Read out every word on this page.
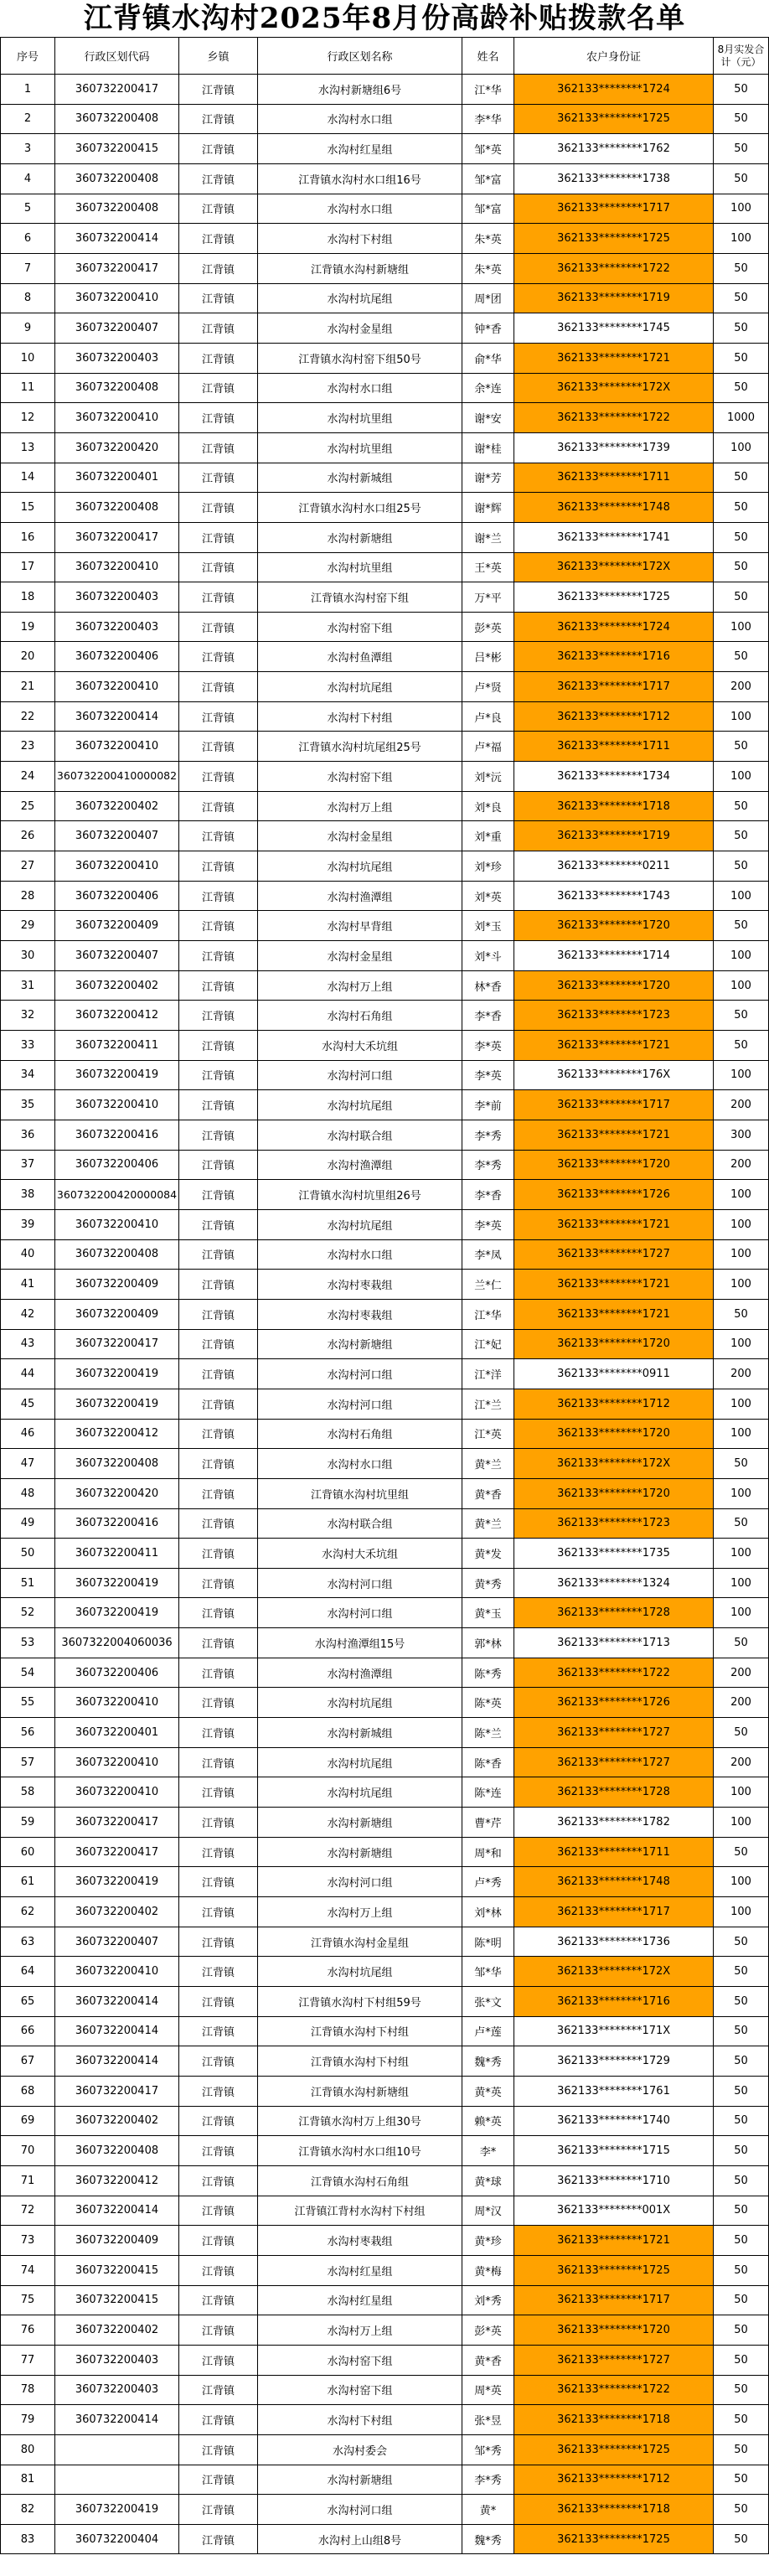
江背镇水沟村2025年8月份高龄补贴拨款名单
序号	行政区划代码	乡镇	行政区划名称	姓名	农户身份证	8月实发合计（元）
1	360732200417	江背镇	水沟村新塘组6号	江*华	362133********1724	50
2	360732200408	江背镇	水沟村水口组	李*华	362133********1725	50
3	360732200415	江背镇	水沟村红星组	邹*英	362133********1762	50
4	360732200408	江背镇	江背镇水沟村水口组16号	邹*富	362133********1738	50
5	360732200408	江背镇	水沟村水口组	邹*富	362133********1717	100
6	360732200414	江背镇	水沟村下村组	朱*英	362133********1725	100
7	360732200417	江背镇	江背镇水沟村新塘组	朱*英	362133********1722	50
8	360732200410	江背镇	水沟村坑尾组	周*团	362133********1719	50
9	360732200407	江背镇	水沟村金星组	钟*香	362133********1745	50
10	360732200403	江背镇	江背镇水沟村窑下组50号	俞*华	362133********1721	50
11	360732200408	江背镇	水沟村水口组	余*连	362133********172X	50
12	360732200410	江背镇	水沟村坑里组	谢*安	362133********1722	1000
13	360732200420	江背镇	水沟村坑里组	谢*桂	362133********1739	100
14	360732200401	江背镇	水沟村新城组	谢*芳	362133********1711	50
15	360732200408	江背镇	江背镇水沟村水口组25号	谢*辉	362133********1748	50
16	360732200417	江背镇	水沟村新塘组	谢*兰	362133********1741	50
17	360732200410	江背镇	水沟村坑里组	王*英	362133********172X	50
18	360732200403	江背镇	江背镇水沟村窑下组	万*平	362133********1725	50
19	360732200403	江背镇	水沟村窑下组	彭*英	362133********1724	100
20	360732200406	江背镇	水沟村鱼潭组	吕*彬	362133********1716	50
21	360732200410	江背镇	水沟村坑尾组	卢*贤	362133********1717	200
22	360732200414	江背镇	水沟村下村组	卢*良	362133********1712	100
23	360732200410	江背镇	江背镇水沟村坑尾组25号	卢*福	362133********1711	50
24	360732200410000082	江背镇	水沟村窑下组	刘*沅	362133********1734	100
25	360732200402	江背镇	水沟村万上组	刘*良	362133********1718	50
26	360732200407	江背镇	水沟村金星组	刘*重	362133********1719	50
27	360732200410	江背镇	水沟村坑尾组	刘*珍	362133********0211	50
28	360732200406	江背镇	水沟村渔潭组	刘*英	362133********1743	100
29	360732200409	江背镇	水沟村早背组	刘*玉	362133********1720	50
30	360732200407	江背镇	水沟村金星组	刘*斗	362133********1714	100
31	360732200402	江背镇	水沟村万上组	林*香	362133********1720	100
32	360732200412	江背镇	水沟村石角组	李*香	362133********1723	50
33	360732200411	江背镇	水沟村大禾坑组	李*英	362133********1721	50
34	360732200419	江背镇	水沟村河口组	李*英	362133********176X	100
35	360732200410	江背镇	水沟村坑尾组	李*前	362133********1717	200
36	360732200416	江背镇	水沟村联合组	李*秀	362133********1721	300
37	360732200406	江背镇	水沟村渔潭组	李*秀	362133********1720	200
38	360732200420000084	江背镇	江背镇水沟村坑里组26号	李*香	362133********1726	100
39	360732200410	江背镇	水沟村坑尾组	李*英	362133********1721	100
40	360732200408	江背镇	水沟村水口组	李*凤	362133********1727	100
41	360732200409	江背镇	水沟村枣栽组	兰*仁	362133********1721	100
42	360732200409	江背镇	水沟村枣栽组	江*华	362133********1721	50
43	360732200417	江背镇	水沟村新塘组	江*妃	362133********1720	100
44	360732200419	江背镇	水沟村河口组	江*洋	362133********0911	200
45	360732200419	江背镇	水沟村河口组	江*兰	362133********1712	100
46	360732200412	江背镇	水沟村石角组	江*英	362133********1720	100
47	360732200408	江背镇	水沟村水口组	黄*兰	362133********172X	50
48	360732200420	江背镇	江背镇水沟村坑里组	黄*香	362133********1720	100
49	360732200416	江背镇	水沟村联合组	黄*兰	362133********1723	50
50	360732200411	江背镇	水沟村大禾坑组	黄*发	362133********1735	100
51	360732200419	江背镇	水沟村河口组	黄*秀	362133********1324	100
52	360732200419	江背镇	水沟村河口组	黄*玉	362133********1728	100
53	3607322004060036	江背镇	水沟村渔潭组15号	郭*林	362133********1713	50
54	360732200406	江背镇	水沟村渔潭组	陈*秀	362133********1722	200
55	360732200410	江背镇	水沟村坑尾组	陈*英	362133********1726	200
56	360732200401	江背镇	水沟村新城组	陈*兰	362133********1727	50
57	360732200410	江背镇	水沟村坑尾组	陈*香	362133********1727	200
58	360732200410	江背镇	水沟村坑尾组	陈*连	362133********1728	100
59	360732200417	江背镇	水沟村新塘组	曹*芹	362133********1782	100
60	360732200417	江背镇	水沟村新塘组	周*和	362133********1711	50
61	360732200419	江背镇	水沟村河口组	卢*秀	362133********1748	100
62	360732200402	江背镇	水沟村万上组	刘*林	362133********1717	100
63	360732200407	江背镇	江背镇水沟村金星组	陈*明	362133********1736	50
64	360732200410	江背镇	水沟村坑尾组	邹*华	362133********172X	50
65	360732200414	江背镇	江背镇水沟村下村组59号	张*文	362133********1716	50
66	360732200414	江背镇	江背镇水沟村下村组	卢*莲	362133********171X	50
67	360732200414	江背镇	江背镇水沟村下村组	魏*秀	362133********1729	50
68	360732200417	江背镇	江背镇水沟村新塘组	黄*英	362133********1761	50
69	360732200402	江背镇	江背镇水沟村万上组30号	赖*英	362133********1740	50
70	360732200408	江背镇	江背镇水沟村水口组10号	李*	362133********1715	50
71	360732200412	江背镇	江背镇水沟村石角组	黄*球	362133********1710	50
72	360732200414	江背镇	江背镇江背村水沟村下村组	周*汉	362133********001X	50
73	360732200409	江背镇	水沟村枣栽组	黄*珍	362133********1721	50
74	360732200415	江背镇	水沟村红星组	黄*梅	362133********1725	50
75	360732200415	江背镇	水沟村红星组	刘*秀	362133********1717	50
76	360732200402	江背镇	水沟村万上组	彭*英	362133********1720	50
77	360732200403	江背镇	水沟村窑下组	黄*香	362133********1727	50
78	360732200403	江背镇	水沟村窑下组	周*英	362133********1722	50
79	360732200414	江背镇	水沟村下村组	张*昱	362133********1718	50
80		江背镇	水沟村委会	邹*秀	362133********1725	50
81		江背镇	水沟村新塘组	李*秀	362133********1712	50
82	360732200419	江背镇	水沟村河口组	黄*	362133********1718	50
83	360732200404	江背镇	水沟村上山组8号	魏*秀	362133********1725	50
